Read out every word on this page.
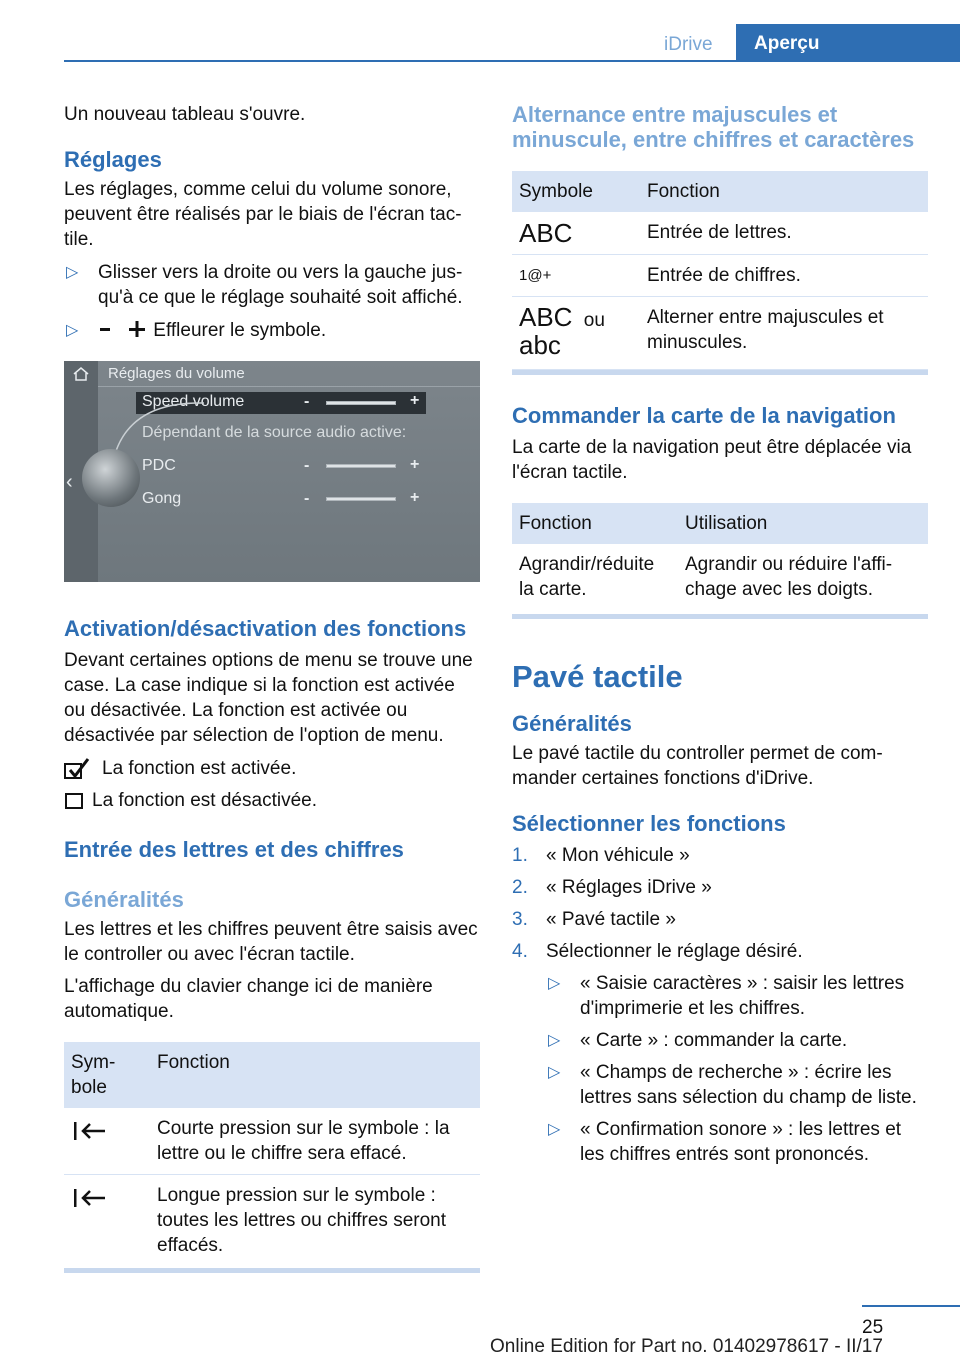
iDrive	Aperçu

Un nouveau tableau s'ouvre.

Réglages

Les réglages, comme celui du volume sonore, peuvent être réalisés par le biais de l'écran tactile.

▷ Glisser vers la droite ou vers la gauche jusqu'à ce que le réglage souhaité soit affiché.
▷	Effleurer le symbole.
Réglages du volume
Speed volume
Dépendant de la source audio active:
PDC
Gong
-	+
-	+
-	+
‹
Activation/désactivation des fonctions

Devant certaines options de menu se trouve une case. La case indique si la fonction est activée ou désactivée. La fonction est activée ou désactivée par sélection de l'option de menu.

La fonction est activée.
La fonction est désactivée.
Entrée des lettres et des chiffres
Généralités

Les lettres et les chiffres peuvent être saisis avec le controller ou avec l'écran tactile.

L'affichage du clavier change ici de manière automatique.

Symbole	Fonction
	Courte pression sur le symbole : la lettre ou le chiffre sera effacé.
	Longue pression sur le symbole : toutes les lettres ou chiffres seront effacés.
Alternance entre majuscules et minuscule, entre chiffres et caractères
Symbole	Fonction
ABC	Entrée de lettres.
1@+	Entrée de chiffres.
ABC ou
abc	Alterner entre majuscules et minuscules.
Commander la carte de la navigation

La carte de la navigation peut être déplacée via l'écran tactile.

Fonction	Utilisation
Agrandir/réduite la carte.	Agrandir ou réduire l'affichage avec les doigts.
Pavé tactile
Généralités

Le pavé tactile du controller permet de commander certaines fonctions d'iDrive.

Sélectionner les fonctions
1. « Mon véhicule »
2. « Réglages iDrive »
3. « Pavé tactile »
4. Sélectionner le réglage désiré.
▷ « Saisie caractères » : saisir les lettres d'imprimerie et les chiffres.
▷ « Carte » : commander la carte.
▷ « Champs de recherche » : écrire les lettres sans sélection du champ de liste.
▷ « Confirmation sonore » : les lettres et les chiffres entrés sont prononcés.
25
Online Edition for Part no. 01402978617 - II/17
